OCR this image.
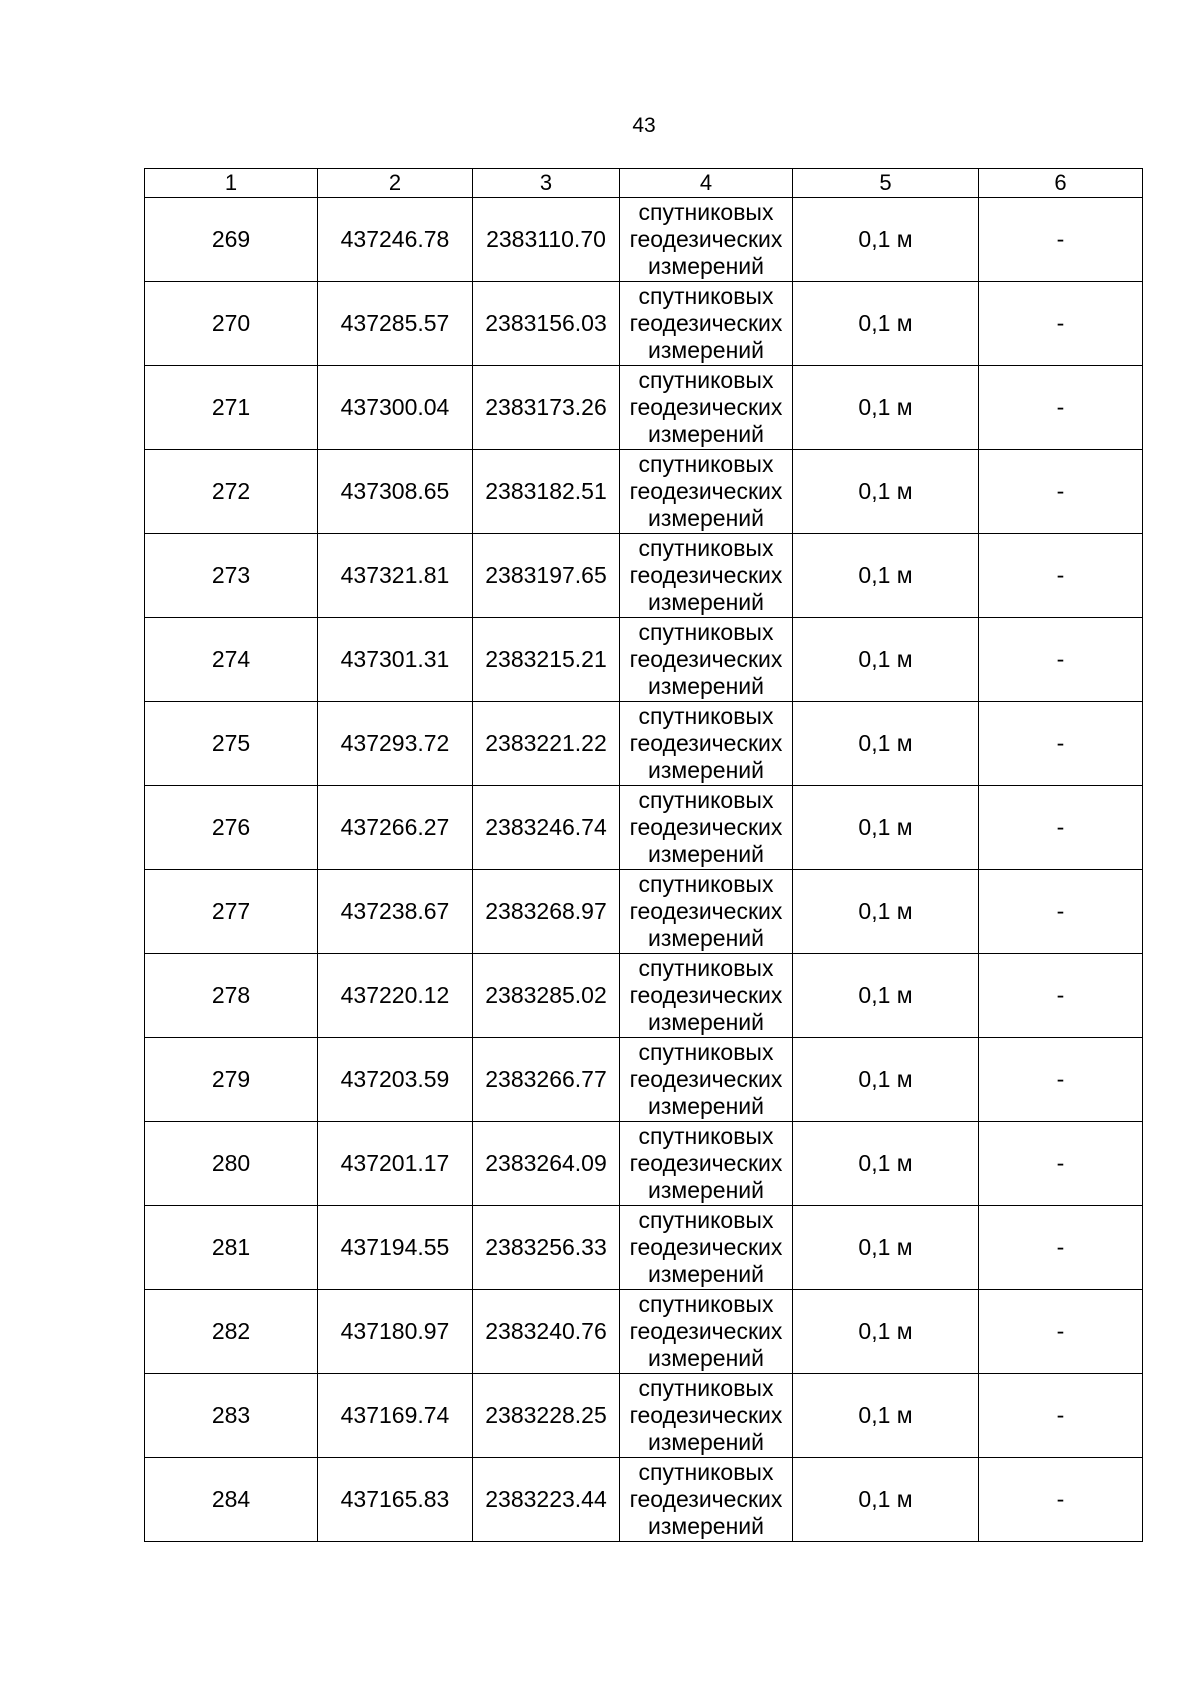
43
1	2	3	4	5	6
269	437246.78	2383110.70	спутниковых геодезических измерений	0,1 м	-
270	437285.57	2383156.03	спутниковых геодезических измерений	0,1 м	-
271	437300.04	2383173.26	спутниковых геодезических измерений	0,1 м	-
272	437308.65	2383182.51	спутниковых геодезических измерений	0,1 м	-
273	437321.81	2383197.65	спутниковых геодезических измерений	0,1 м	-
274	437301.31	2383215.21	спутниковых геодезических измерений	0,1 м	-
275	437293.72	2383221.22	спутниковых геодезических измерений	0,1 м	-
276	437266.27	2383246.74	спутниковых геодезических измерений	0,1 м	-
277	437238.67	2383268.97	спутниковых геодезических измерений	0,1 м	-
278	437220.12	2383285.02	спутниковых геодезических измерений	0,1 м	-
279	437203.59	2383266.77	спутниковых геодезических измерений	0,1 м	-
280	437201.17	2383264.09	спутниковых геодезических измерений	0,1 м	-
281	437194.55	2383256.33	спутниковых геодезических измерений	0,1 м	-
282	437180.97	2383240.76	спутниковых геодезических измерений	0,1 м	-
283	437169.74	2383228.25	спутниковых геодезических измерений	0,1 м	-
284	437165.83	2383223.44	спутниковых геодезических измерений	0,1 м	-
